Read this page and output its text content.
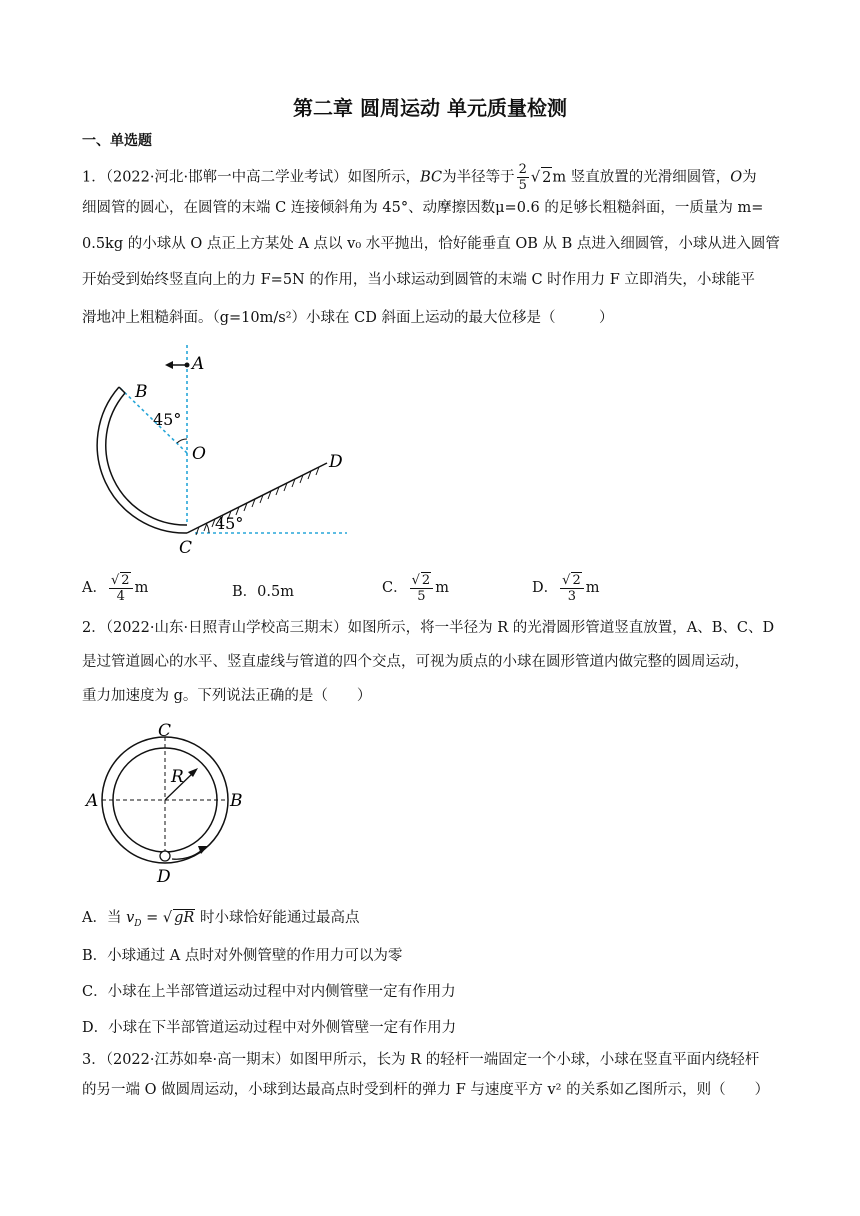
第二章 圆周运动 单元质量检测
一、单选题
1．（2022·河北·邯郸一中高二学业考试）如图所示，BC为半径等于 $\frac{2}{5}$ √ 2m 竖直放置的光滑细圆管，O为
细圆管的圆心，在圆管的末端 C 连接倾斜角为 45°、动摩擦因数μ=0.6 的足够长粗糙斜面，一质量为 m=
0.5kg 的小球从 O 点正上方某处 A 点以 v₀ 水平抛出，恰好能垂直 OB 从 B 点进入细圆管，小球从进入圆管
开始受到始终竖直向上的力 F=5N 的作用，当小球运动到圆管的末端 C 时作用力 F 立即消失，小球能平
滑地冲上粗糙斜面。（g=10m/s²）小球在 CD 斜面上运动的最大位移是（　　　）
A
B
O
C
D
45°
45°
A． $\frac{√ 2}{4}$ m	B．0.5m	C． $\frac{√ 2}{5}$ m	D． $\frac{√ 2}{3}$ m
2．（2022·山东·日照青山学校高三期末）如图所示，将一半径为 R 的光滑圆形管道竖直放置，A、B、C、D
是过管道圆心的水平、竖直虚线与管道的四个交点，可视为质点的小球在圆形管道内做完整的圆周运动，
重力加速度为 g。下列说法正确的是（　　）
C
A	B
D
R
A．当 $v_D$ = √ gR 时小球恰好能通过最高点
B．小球通过 A 点时对外侧管壁的作用力可以为零
C．小球在上半部管道运动过程中对内侧管壁一定有作用力
D．小球在下半部管道运动过程中对外侧管壁一定有作用力
3．（2022·江苏如皋·高一期末）如图甲所示，长为 R 的轻杆一端固定一个小球，小球在竖直平面内绕轻杆
的另一端 O 做圆周运动，小球到达最高点时受到杆的弹力 F 与速度平方 v² 的关系如乙图所示，则（　　）
